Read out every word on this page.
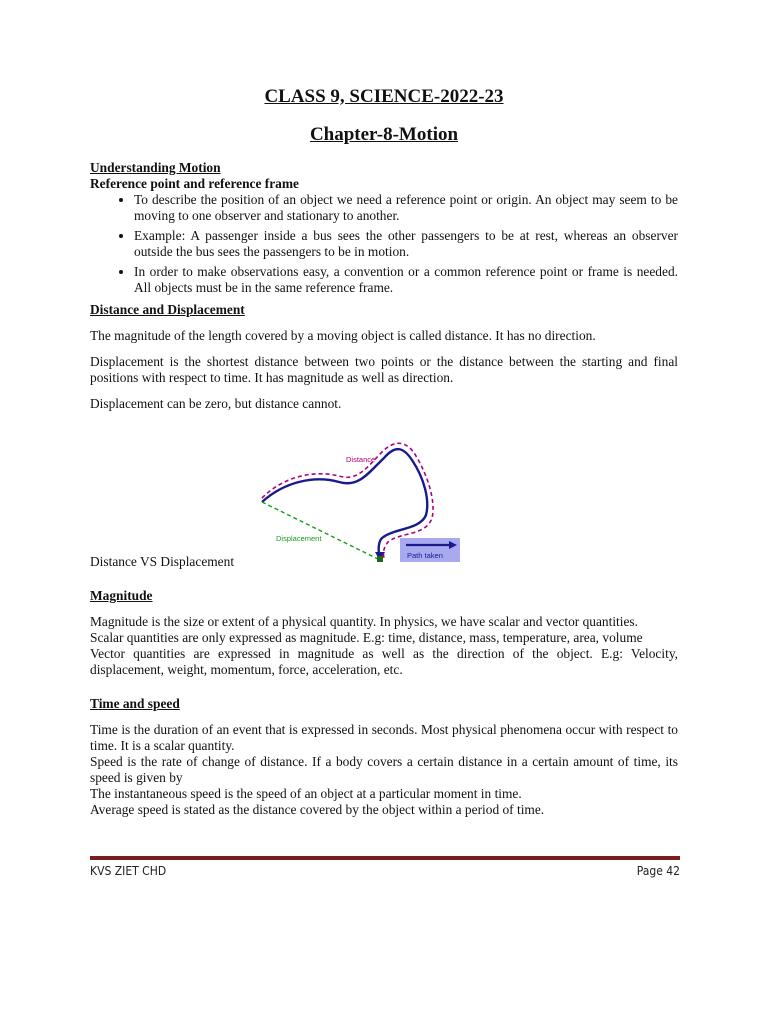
CLASS 9, SCIENCE-2022-23
Chapter-8-Motion

Understanding Motion

Reference point and reference frame

• To describe the position of an object we need a reference point or origin. An object may seem to be moving to one observer and stationary to another.
• Example: A passenger inside a bus sees the other passengers to be at rest, whereas an observer outside the bus sees the passengers to be in motion.
• In order to make observations easy, a convention or a common reference point or frame is needed. All objects must be in the same reference frame.

Distance and Displacement

The magnitude of the length covered by a moving object is called distance. It has no direction.

Displacement is the shortest distance between two points or the distance between the starting and final positions with respect to time. It has magnitude as well as direction.

Displacement can be zero, but distance cannot.

Distance
Displacement
Path taken

Distance VS Displacement

Magnitude

Magnitude is the size or extent of a physical quantity. In physics, we have scalar and vector quantities.

Scalar quantities are only expressed as magnitude. E.g: time, distance, mass, temperature, area, volume

Vector quantities are expressed in magnitude as well as the direction of the object. E.g: Velocity, displacement, weight, momentum, force, acceleration, etc.

Time and speed

Time is the duration of an event that is expressed in seconds. Most physical phenomena occur with respect to time. It is a scalar quantity.

Speed is the rate of change of distance. If a body covers a certain distance in a certain amount of time, its speed is given by

The instantaneous speed is the speed of an object at a particular moment in time.

Average speed is stated as the distance covered by the object within a period of time.

KVS ZIET CHD	Page 42
